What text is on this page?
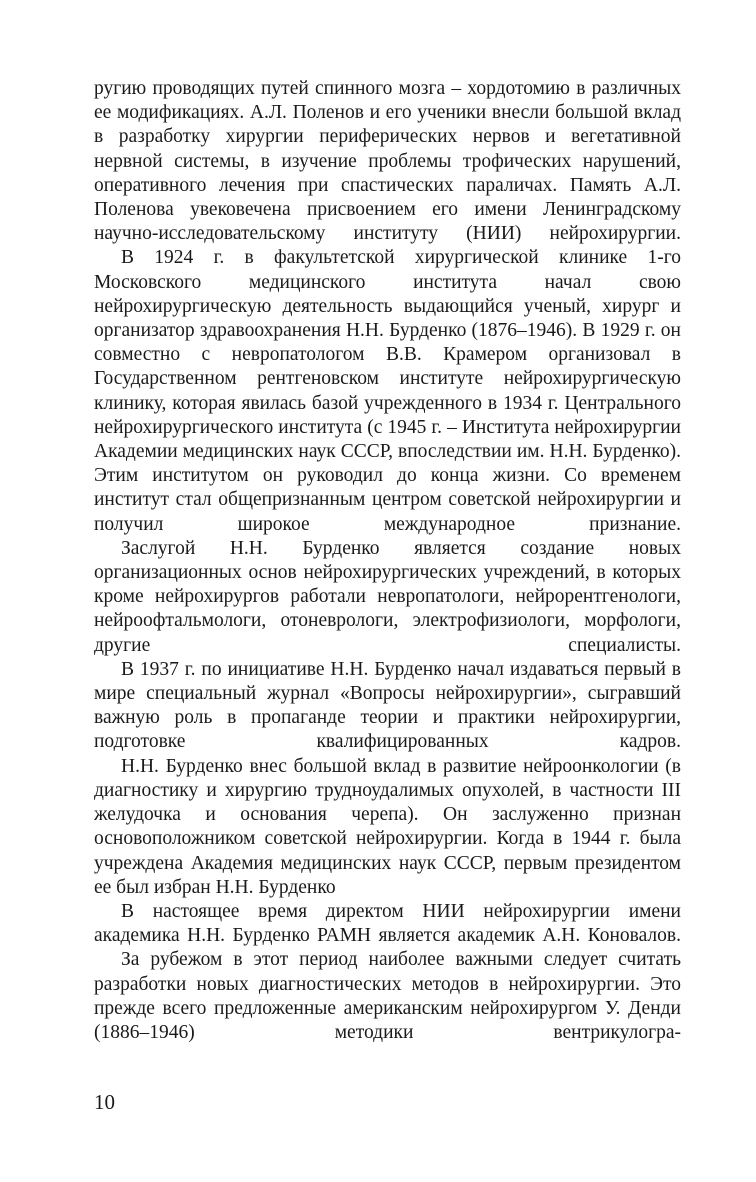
ругию проводящих путей спинного мозга – хордотомию в различных ее модификациях. А.Л. Поленов и его ученики внесли большой вклад в разработку хирургии периферических нервов и вегетативной нервной системы, в изучение проблемы трофических нарушений, оперативного лечения при спастических параличах. Память А.Л. Поленова увековечена присвоением его имени Ленинградскому научно-исследовательскому институту (НИИ) нейрохирургии.

В 1924 г. в факультетской хирургической клинике 1-го Московского медицинского института начал свою нейрохирургическую деятельность выдающийся ученый, хирург и организатор здравоохранения Н.Н. Бурденко (1876–1946). В 1929 г. он совместно с невропатологом В.В. Крамером организовал в Государственном рентгеновском институте нейрохирургическую клинику, которая явилась базой учрежденного в 1934 г. Центрального нейрохирургического института (с 1945 г. – Института нейрохирургии Академии медицинских наук СССР, впоследствии им. Н.Н. Бурденко). Этим институтом он руководил до конца жизни. Со временем институт стал общепризнанным центром советской нейрохирургии и получил широкое международное признание.

Заслугой Н.Н. Бурденко является создание новых организационных основ нейрохирургических учреждений, в которых кроме нейрохирургов работали невропатологи, нейрорентгенологи, нейроофтальмологи, отоневрологи, электрофизиологи, морфологи, другие специалисты.

В 1937 г. по инициативе Н.Н. Бурденко начал издаваться первый в мире специальный журнал «Вопросы нейрохирургии», сыгравший важную роль в пропаганде теории и практики нейрохирургии, подготовке квалифицированных кадров.

Н.Н. Бурденко внес большой вклад в развитие нейроонкологии (в диагностику и хирургию трудноудалимых опухолей, в частности III желудочка и основания черепа). Он заслуженно признан основоположником советской нейрохирургии. Когда в 1944 г. была учреждена Академия медицинских наук СССР, первым президентом ее был избран Н.Н. Бурденко

В настоящее время директом НИИ нейрохирургии имени академика Н.Н. Бурденко РАМН является академик А.Н. Коновалов.

За рубежом в этот период наиболее важными следует считать разработки новых диагностических методов в нейрохирургии. Это прежде всего предложенные американским нейрохирургом У. Денди (1886–1946) методики вентрикулогра-

10
